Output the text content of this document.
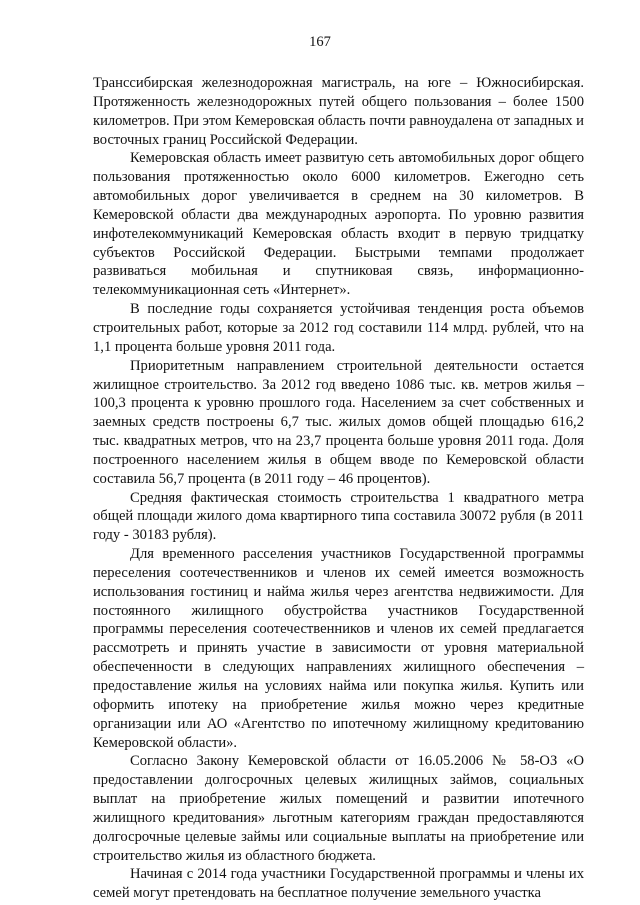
167

Транссибирская железнодорожная магистраль, на юге – Южносибирская. Протяженность железнодорожных путей общего пользования – более 1500 километров. При этом Кемеровская область почти равноудалена от западных и восточных границ Российской Федерации.

Кемеровская область имеет развитую сеть автомобильных дорог общего пользования протяженностью около 6000 километров. Ежегодно сеть автомобильных дорог увеличивается в среднем на 30 километров. В Кемеровской области два международных аэропорта. По уровню развития инфотелекоммуникаций Кемеровская область входит в первую тридцатку субъектов Российской Федерации. Быстрыми темпами продолжает развиваться мобильная и спутниковая связь, информационно-телекоммуникационная сеть «Интернет».

В последние годы сохраняется устойчивая тенденция роста объемов строительных работ, которые за 2012 год составили 114 млрд. рублей, что на 1,1 процента больше уровня 2011 года.

Приоритетным направлением строительной деятельности остается жилищное строительство. За 2012 год введено 1086 тыс. кв. метров жилья – 100,3 процента к уровню прошлого года. Населением за счет собственных и заемных средств построены 6,7 тыс. жилых домов общей площадью 616,2 тыс. квадратных метров, что на 23,7 процента больше уровня 2011 года. Доля построенного населением жилья в общем вводе по Кемеровской области составила 56,7 процента (в 2011 году – 46 процентов).

Средняя фактическая стоимость строительства 1 квадратного метра общей площади жилого дома квартирного типа составила 30072 рубля (в 2011 году - 30183 рубля).

Для временного расселения участников Государственной программы переселения соотечественников и членов их семей имеется возможность использования гостиниц и найма жилья через агентства недвижимости. Для постоянного жилищного обустройства участников Государственной программы переселения соотечественников и членов их семей предлагается рассмотреть и принять участие в зависимости от уровня материальной обеспеченности в следующих направлениях жилищного обеспечения – предоставление жилья на условиях найма или покупка жилья. Купить или оформить ипотеку на приобретение жилья можно через кредитные организации или АО «Агентство по ипотечному жилищному кредитованию Кемеровской области».

Согласно Закону Кемеровской области от 16.05.2006 № 58-ОЗ «О предоставлении долгосрочных целевых жилищных займов, социальных выплат на приобретение жилых помещений и развитии ипотечного жилищного кредитования» льготным категориям граждан предоставляются долгосрочные целевые займы или социальные выплаты на приобретение или строительство жилья из областного бюджета.

Начиная с 2014 года участники Государственной программы и члены их семей могут претендовать на бесплатное получение земельного участка
